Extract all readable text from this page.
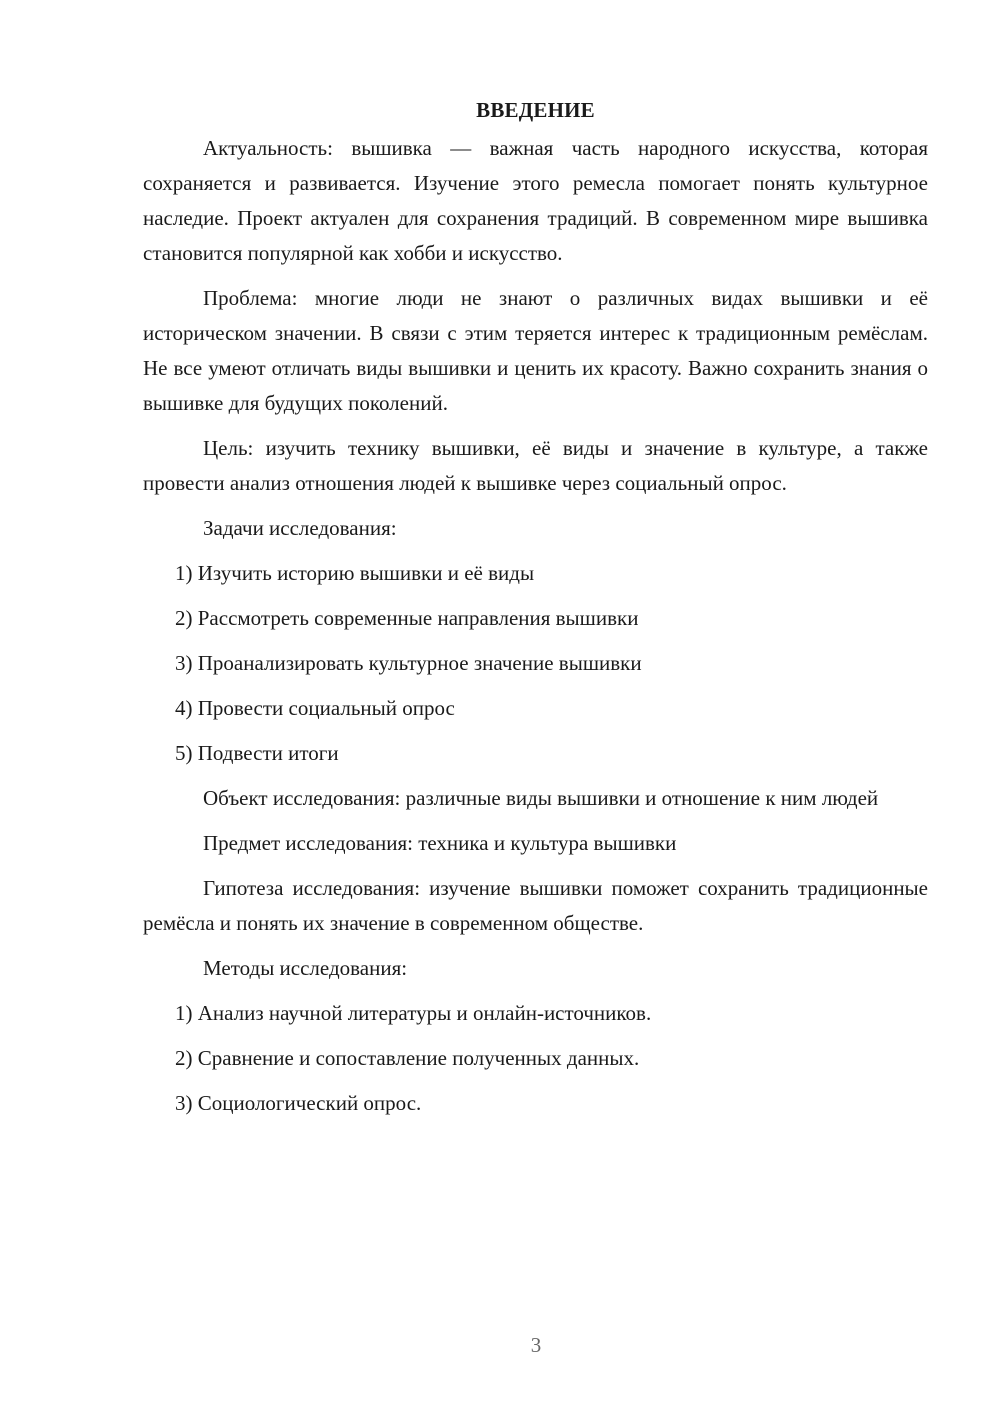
ВВЕДЕНИЕ

Актуальность: вышивка — важная часть народного искусства, которая сохраняется и развивается. Изучение этого ремесла помогает понять культурное наследие. Проект актуален для сохранения традиций. В современном мире вышивка становится популярной как хобби и искусство.

Проблема: многие люди не знают о различных видах вышивки и её историческом значении. В связи с этим теряется интерес к традиционным ремёслам. Не все умеют отличать виды вышивки и ценить их красоту. Важно сохранить знания о вышивке для будущих поколений.

Цель: изучить технику вышивки, её виды и значение в культуре, а также провести анализ отношения людей к вышивке через социальный опрос.

Задачи исследования:

1) Изучить историю вышивки и её виды
2) Рассмотреть современные направления вышивки
3) Проанализировать культурное значение вышивки
4) Провести социальный опрос
5) Подвести итоги

Объект исследования: различные виды вышивки и отношение к ним людей

Предмет исследования: техника и культура вышивки

Гипотеза исследования: изучение вышивки поможет сохранить традиционные ремёсла и понять их значение в современном обществе.

Методы исследования:

1) Анализ научной литературы и онлайн-источников.
2) Сравнение и сопоставление полученных данных.
3) Социологический опрос.
3
